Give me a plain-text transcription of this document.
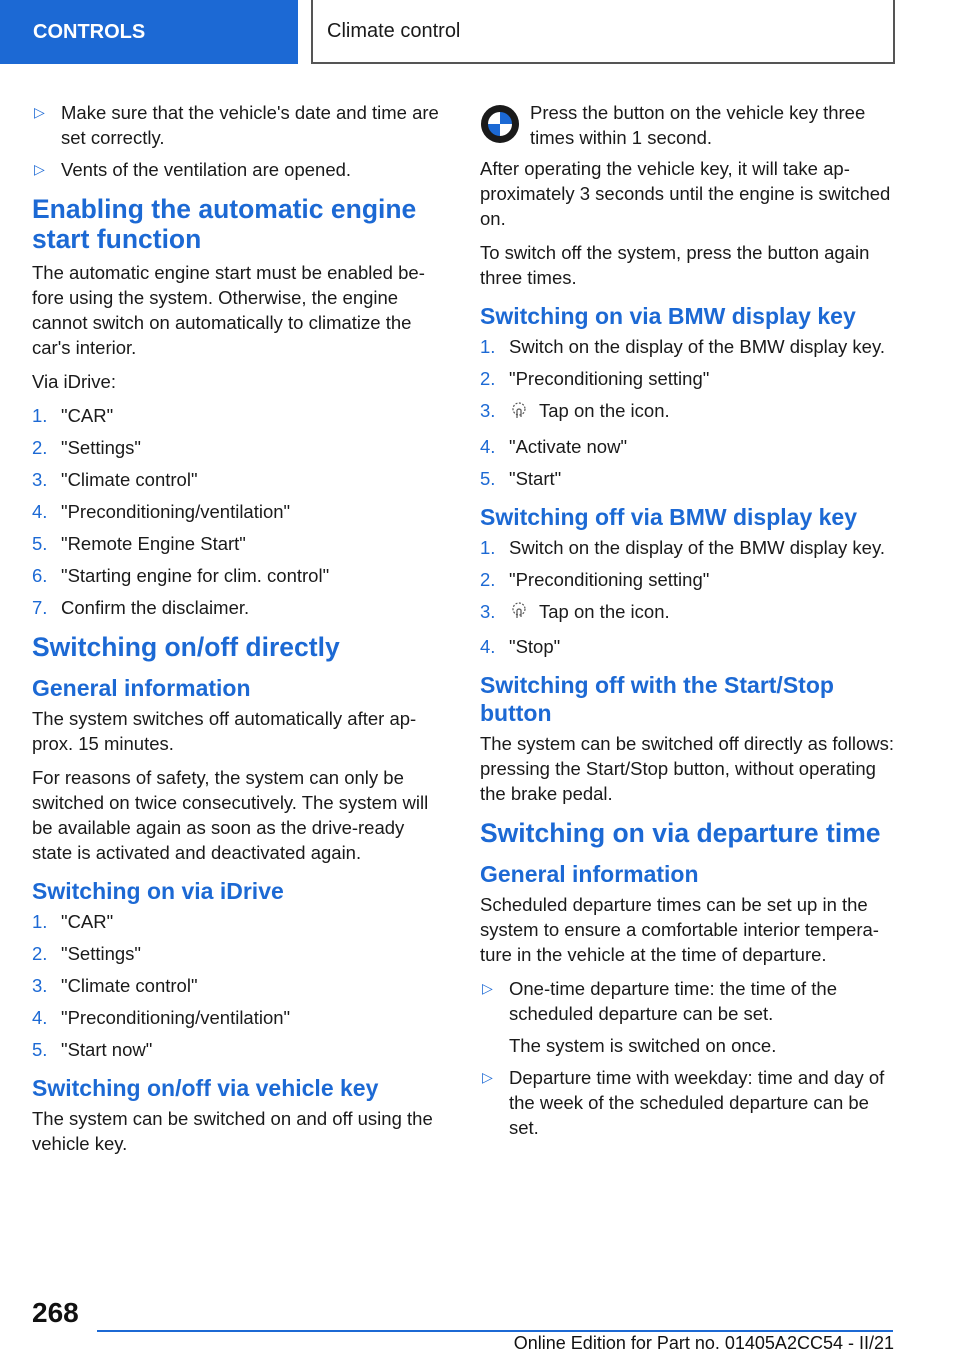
CONTROLS	Climate control
▷ Make sure that the vehicle's date and time are set correctly.
▷ Vents of the ventilation are opened.
Enabling the automatic engine start function

The automatic engine start must be enabled before using the system. Otherwise, the engine cannot switch on automatically to climatize the car's interior.

Via iDrive:

1. "CAR"
2. "Settings"
3. "Climate control"
4. "Preconditioning/ventilation"
5. "Remote Engine Start"
6. "Starting engine for clim. control"
7. Confirm the disclaimer.
Switching on/off directly
General information

The system switches off automatically after approx. 15 minutes.

For reasons of safety, the system can only be switched on twice consecutively. The system will be available again as soon as the drive-ready state is activated and deactivated again.

Switching on via iDrive
1. "CAR"
2. "Settings"
3. "Climate control"
4. "Preconditioning/ventilation"
5. "Start now"
Switching on/off via vehicle key

The system can be switched on and off using the vehicle key.

Press the button on the vehicle key three times within 1 second.

After operating the vehicle key, it will take approximately 3 seconds until the engine is switched on.

To switch off the system, press the button again three times.

Switching on via BMW display key
1. Switch on the display of the BMW display key.
2. "Preconditioning setting"
3. Tap on the icon.
4. "Activate now"
5. "Start"
Switching off via BMW display key
1. Switch on the display of the BMW display key.
2. "Preconditioning setting"
3. Tap on the icon.
4. "Stop"
Switching off with the Start/Stop button

The system can be switched off directly as follows: pressing the Start/Stop button, without operating the brake pedal.

Switching on via departure time
General information

Scheduled departure times can be set up in the system to ensure a comfortable interior temperature in the vehicle at the time of departure.

▷ One-time departure time: the time of the scheduled departure can be set.
The system is switched on once.
▷ Departure time with weekday: time and day of the week of the scheduled departure can be set.
268
Online Edition for Part no. 01405A2CC54 - II/21
